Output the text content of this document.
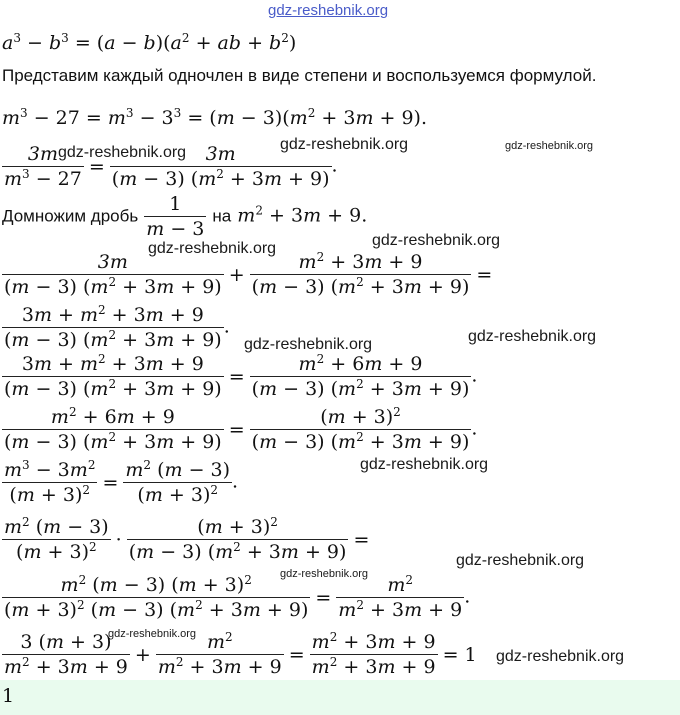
gdz-reshebnik.org
$a^3 - b^3 = (a - b)(a^2$ + ab + $b^2$)
Представим каждый одночлен в виде степени и воспользуемся формулой.
$m^3 - 27 = m^3 - 3^3 = (m - 3)(m^2 + 3m + 9)$.
$\frac{3m}{m^3 - 27} = \frac{3m}{(m - 3) (m^2 + 3m + 9)}$ .
Домножим дробь $\frac{1}{m - 3}$ на $m^2 + 3m + 9$.
$\frac{3m}{(m - 3) (m^2 + 3m + 9)} + \frac{m^2 + 3m + 9}{(m - 3) (m^2 + 3m + 9)}$ =
$\frac{3m + m^2 + 3m + 9}{(m - 3) (m^2 + 3m + 9)}$ .
$\frac{3m + m^2 + 3m + 9}{(m - 3) (m^2 + 3m + 9)} = \frac{m^2 + 6m + 9}{(m - 3) (m^2 + 3m + 9)}$ .
$\frac{m^2 + 6m + 9}{(m - 3) (m^2 + 3m + 9)} = \frac{(m + 3)^2}{(m - 3) (m^2 + 3m + 9)}$ .
$\frac{m^3 - 3m^2}{(m + 3)^2} = \frac{m^2 (m - 3)}{(m + 3)^2}$ .
$\frac{m^2 (m - 3)}{(m + 3)^2} \cdot \frac{(m + 3)^2}{(m - 3) (m^2 + 3m + 9)}$ =
$\frac{m^2 (m - 3) (m + 3)^2}{(m + 3)^2 (m - 3) (m^2 + 3m + 9)} = \frac{m^2}{m^2 + 3m + 9}$ .
$\frac{3 (m + 3)}{m^2 + 3m + 9} + \frac{m^2}{m^2 + 3m + 9} = \frac{m^2 + 3m + 9}{m^2 + 3m + 9} = 1$
1
gdz-reshebnik.org	gdz-reshebnik.org	gdz-reshebnik.org
gdz-reshebnik.org	gdz-reshebnik.org
gdz-reshebnik.org	gdz-reshebnik.org
gdz-reshebnik.org
gdz-reshebnik.org
gdz-reshebnik.org
gdz-reshebnik.org
gdz-reshebnik.org
